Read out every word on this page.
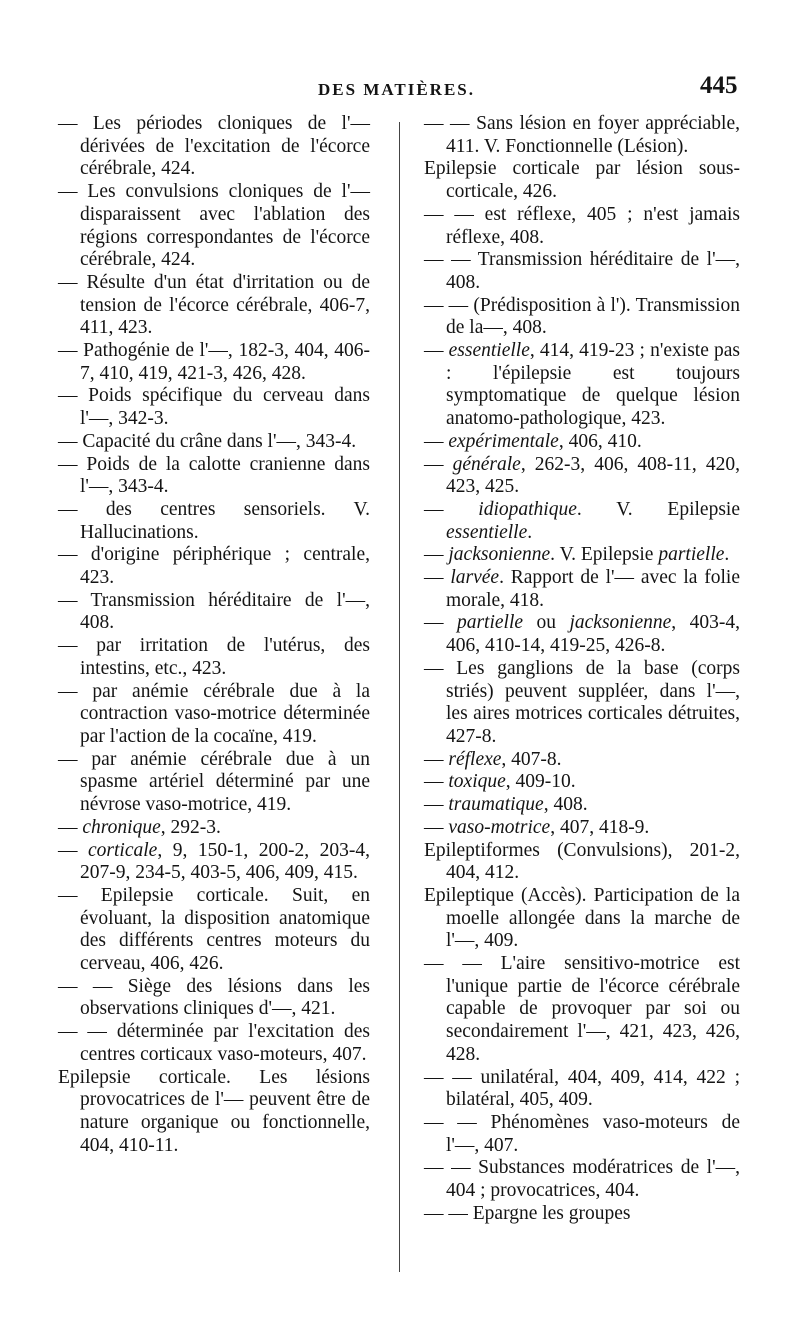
DES MATIÈRES.	445

— Les périodes cloniques de l'— dérivées de l'excitation de l'écorce cérébrale, 424.

— Les convulsions cloniques de l'— disparaissent avec l'ablation des régions correspondantes de l'écorce cérébrale, 424.

— Résulte d'un état d'irritation ou de tension de l'écorce cérébrale, 406-7, 411, 423.

— Pathogénie de l'—, 182-3, 404, 406-7, 410, 419, 421-3, 426, 428.

— Poids spécifique du cerveau dans l'—, 342-3.

— Capacité du crâne dans l'—, 343-4.

— Poids de la calotte cranienne dans l'—, 343-4.

— des centres sensoriels. V. Hallucinations.

— d'origine périphérique ; centrale, 423.

— Transmission héréditaire de l'—, 408.

— par irritation de l'utérus, des intestins, etc., 423.

— par anémie cérébrale due à la contraction vaso-motrice déterminée par l'action de la cocaïne, 419.

— par anémie cérébrale due à un spasme artériel déterminé par une névrose vaso-motrice, 419.

— chronique, 292-3.

— corticale, 9, 150-1, 200-2, 203-4, 207-9, 234-5, 403-5, 406, 409, 415.

— Epilepsie corticale. Suit, en évoluant, la disposition anatomique des différents centres moteurs du cerveau, 406, 426.

— — Siège des lésions dans les observations cliniques d'—, 421.

— — déterminée par l'excitation des centres corticaux vaso-moteurs, 407.

Epilepsie corticale. Les lésions provocatrices de l'— peuvent être de nature organique ou fonctionnelle, 404, 410-11.

— — Sans lésion en foyer appréciable, 411. V. Fonctionnelle (Lésion).

Epilepsie corticale par lésion sous-corticale, 426.

— — est réflexe, 405 ; n'est jamais réflexe, 408.

— — Transmission héréditaire de l'—, 408.

— — (Prédisposition à l'). Transmission de la—, 408.

— essentielle, 414, 419-23 ; n'existe pas : l'épilepsie est toujours symptomatique de quelque lésion anatomo-pathologique, 423.

— expérimentale, 406, 410.

— générale, 262-3, 406, 408-11, 420, 423, 425.

— idiopathique. V. Epilepsie essentielle.

— jacksonienne. V. Epilepsie partielle.

— larvée. Rapport de l'— avec la folie morale, 418.

— partielle ou jacksonienne, 403-4, 406, 410-14, 419-25, 426-8.

— Les ganglions de la base (corps striés) peuvent suppléer, dans l'—, les aires motrices corticales détruites, 427-8.

— réflexe, 407-8.

— toxique, 409-10.

— traumatique, 408.

— vaso-motrice, 407, 418-9.

Epileptiformes (Convulsions), 201-2, 404, 412.

Epileptique (Accès). Participation de la moelle allongée dans la marche de l'—, 409.

— — L'aire sensitivo-motrice est l'unique partie de l'écorce cérébrale capable de provoquer par soi ou secondairement l'—, 421, 423, 426, 428.

— — unilatéral, 404, 409, 414, 422 ; bilatéral, 405, 409.

— — Phénomènes vaso-moteurs de l'—, 407.

— — Substances modératrices de l'—, 404 ; provocatrices, 404.

— — Epargne les groupes
